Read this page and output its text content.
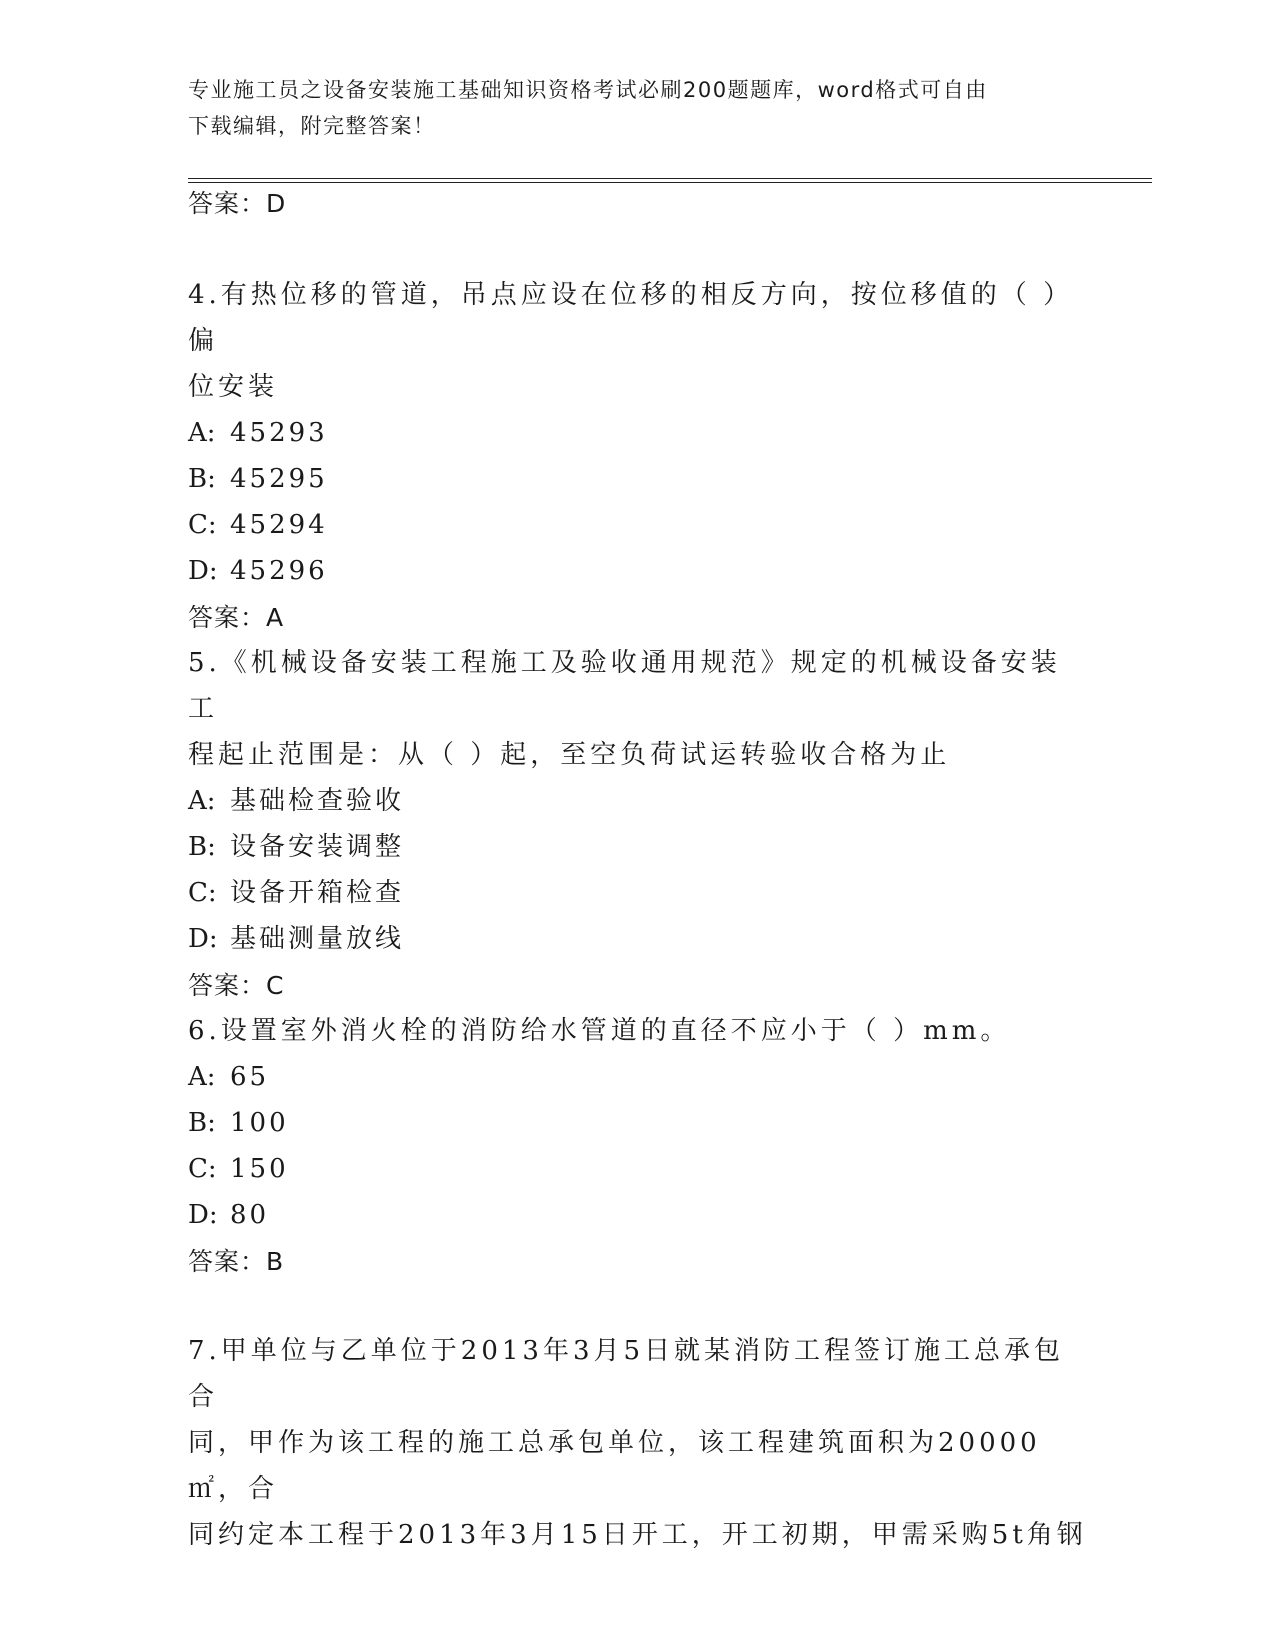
专业施工员之设备安装施工基础知识资格考试必刷200题题库，word格式可自由
下载编辑，附完整答案！
答案：D
4.有热位移的管道，吊点应设在位移的相反方向，按位移值的（ ）偏
位安装
A: 45293
B: 45295
C: 45294
D: 45296
答案：A
5.《机械设备安装工程施工及验收通用规范》规定的机械设备安装工
程起止范围是：从（ ）起，至空负荷试运转验收合格为止
A: 基础检查验收
B: 设备安装调整
C: 设备开箱检查
D: 基础测量放线
答案：C
6.设置室外消火栓的消防给水管道的直径不应小于（ ）mm。
A: 65
B: 100
C: 150
D: 80
答案：B
7.甲单位与乙单位于2013年3月5日就某消防工程签订施工总承包合
同，甲作为该工程的施工总承包单位，该工程建筑面积为20000㎡，合
同约定本工程于2013年3月15日开工，开工初期，甲需采购5t角钢
